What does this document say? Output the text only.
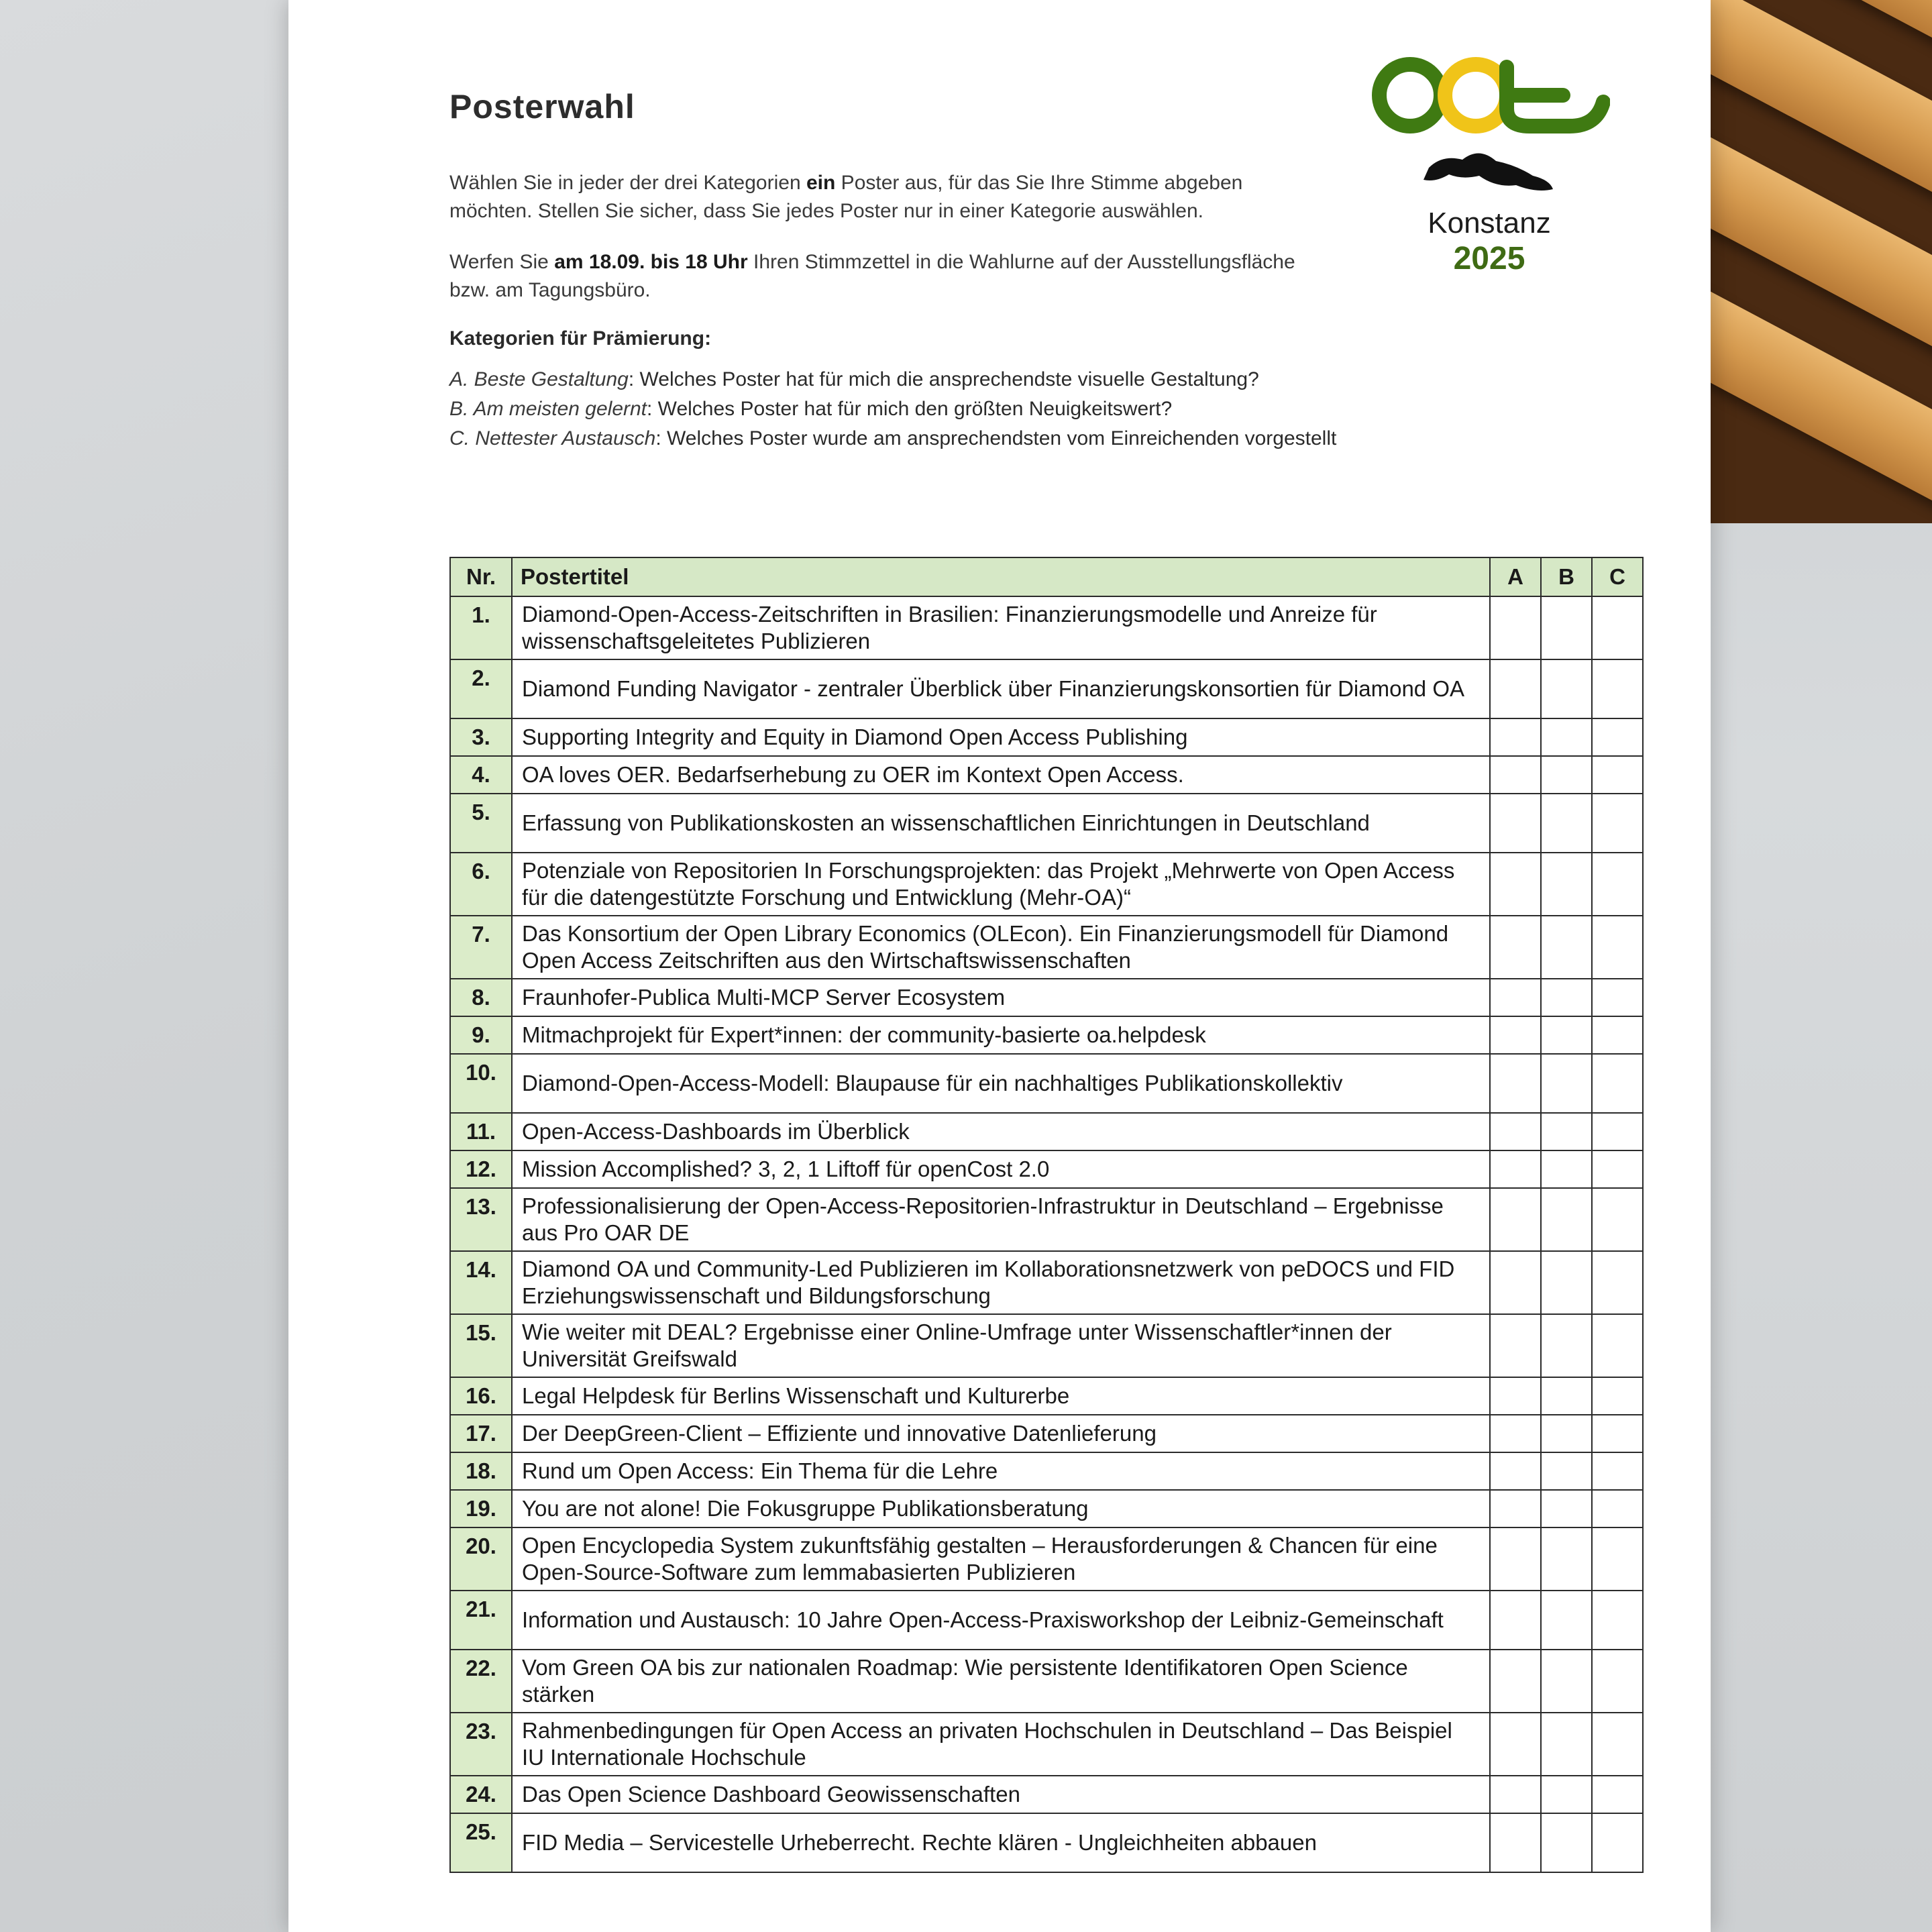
Konstanz
2025
Posterwahl

Wählen Sie in jeder der drei Kategorien ein Poster aus, für das Sie Ihre Stimme abgeben möchten. Stellen Sie sicher, dass Sie jedes Poster nur in einer Kategorie auswählen.

Werfen Sie am 18.09. bis 18 Uhr Ihren Stimmzettel in die Wahlurne auf der Ausstellungsfläche bzw. am Tagungsbüro.

Kategorien für Prämierung:
A. Beste Gestaltung: Welches Poster hat für mich die ansprechendste visuelle Gestaltung?
B. Am meisten gelernt: Welches Poster hat für mich den größten Neuigkeitswert?
C. Nettester Austausch: Welches Poster wurde am ansprechendsten vom Einreichenden vorgestellt
Nr.	Postertitel	A	B	C
1.	Diamond-Open-Access-Zeitschriften in Brasilien: Finanzierungsmodelle und Anreize für wissenschaftsgeleitetes Publizieren			
2.	Diamond Funding Navigator - zentraler Überblick über Finanzierungskonsortien für Diamond OA			
3.	Supporting Integrity and Equity in Diamond Open Access Publishing			
4.	OA loves OER. Bedarfserhebung zu OER im Kontext Open Access.			
5.	Erfassung von Publikationskosten an wissenschaftlichen Einrichtungen in Deutschland			
6.	Potenziale von Repositorien In Forschungsprojekten: das Projekt „Mehrwerte von Open Access für die datengestützte Forschung und Entwicklung (Mehr-OA)“			
7.	Das Konsortium der Open Library Economics (OLEcon). Ein Finanzierungsmodell für Diamond Open Access Zeitschriften aus den Wirtschaftswissenschaften			
8.	Fraunhofer-Publica Multi-MCP Server Ecosystem			
9.	Mitmachprojekt für Expert*innen: der community-basierte oa.helpdesk			
10.	Diamond-Open-Access-Modell: Blaupause für ein nachhaltiges Publikationskollektiv			
11.	Open-Access-Dashboards im Überblick			
12.	Mission Accomplished? 3, 2, 1 Liftoff für openCost 2.0			
13.	Professionalisierung der Open-Access-Repositorien-Infrastruktur in Deutschland – Ergebnisse aus Pro OAR DE			
14.	Diamond OA und Community-Led Publizieren im Kollaborationsnetzwerk von peDOCS und FID Erziehungswissenschaft und Bildungsforschung			
15.	Wie weiter mit DEAL? Ergebnisse einer Online-Umfrage unter Wissenschaftler*innen der Universität Greifswald			
16.	Legal Helpdesk für Berlins Wissenschaft und Kulturerbe			
17.	Der DeepGreen-Client – Effiziente und innovative Datenlieferung			
18.	Rund um Open Access: Ein Thema für die Lehre			
19.	You are not alone! Die Fokusgruppe Publikationsberatung			
20.	Open Encyclopedia System zukunftsfähig gestalten – Herausforderungen & Chancen für eine Open-Source-Software zum lemmabasierten Publizieren			
21.	Information und Austausch: 10 Jahre Open-Access-Praxisworkshop der Leibniz-Gemeinschaft			
22.	Vom Green OA bis zur nationalen Roadmap: Wie persistente Identifikatoren Open Science stärken			
23.	Rahmenbedingungen für Open Access an privaten Hochschulen in Deutschland – Das Beispiel IU Internationale Hochschule			
24.	Das Open Science Dashboard Geowissenschaften			
25.	FID Media – Servicestelle Urheberrecht. Rechte klären - Ungleichheiten abbauen			
